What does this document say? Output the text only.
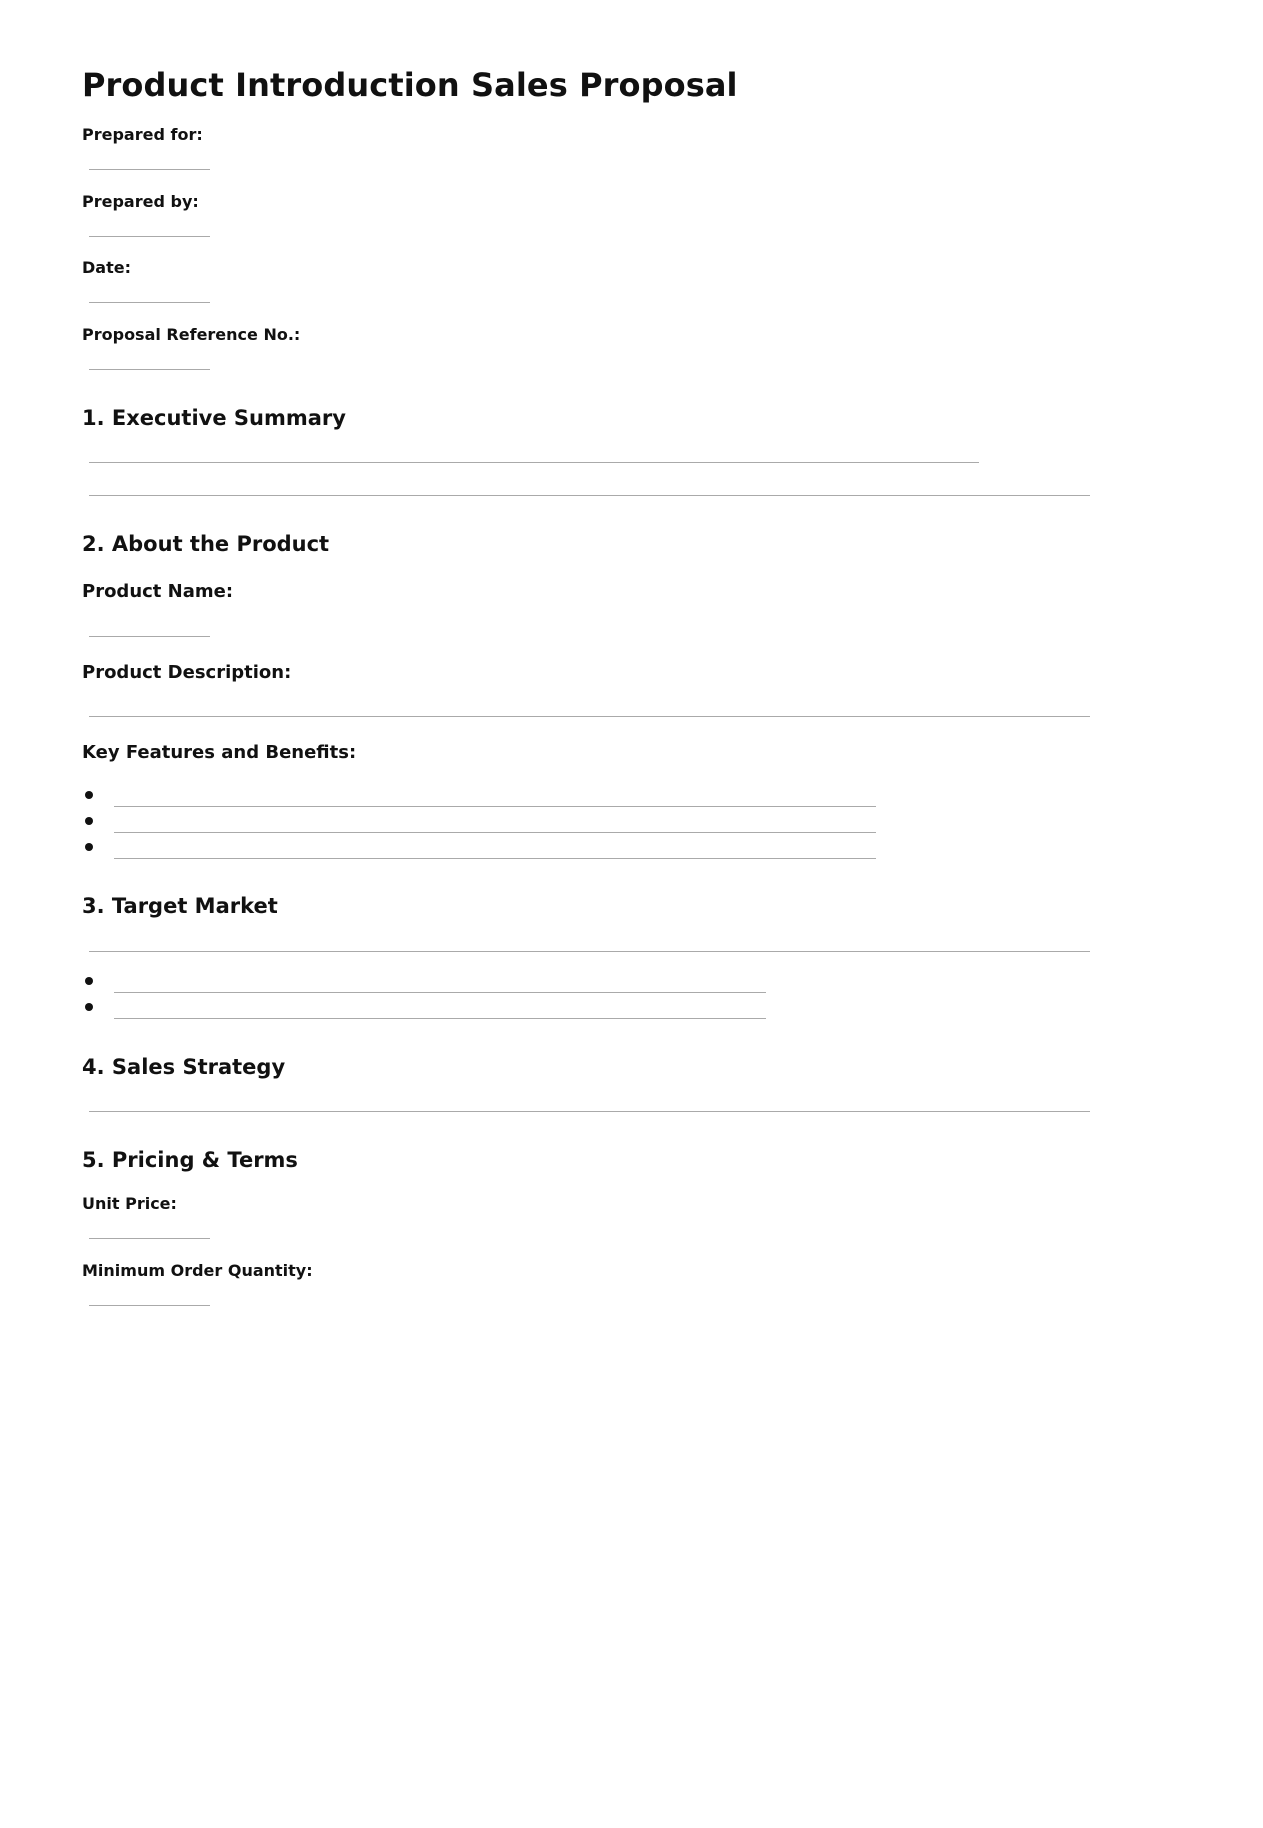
Product Introduction Sales Proposal
Prepared for:
Prepared by:
Date:
Proposal Reference No.:
1. Executive Summary
2. About the Product
Product Name:
Product Description:
Key Features and Benefits:
3. Target Market
4. Sales Strategy
5. Pricing & Terms
Unit Price:
Minimum Order Quantity:
